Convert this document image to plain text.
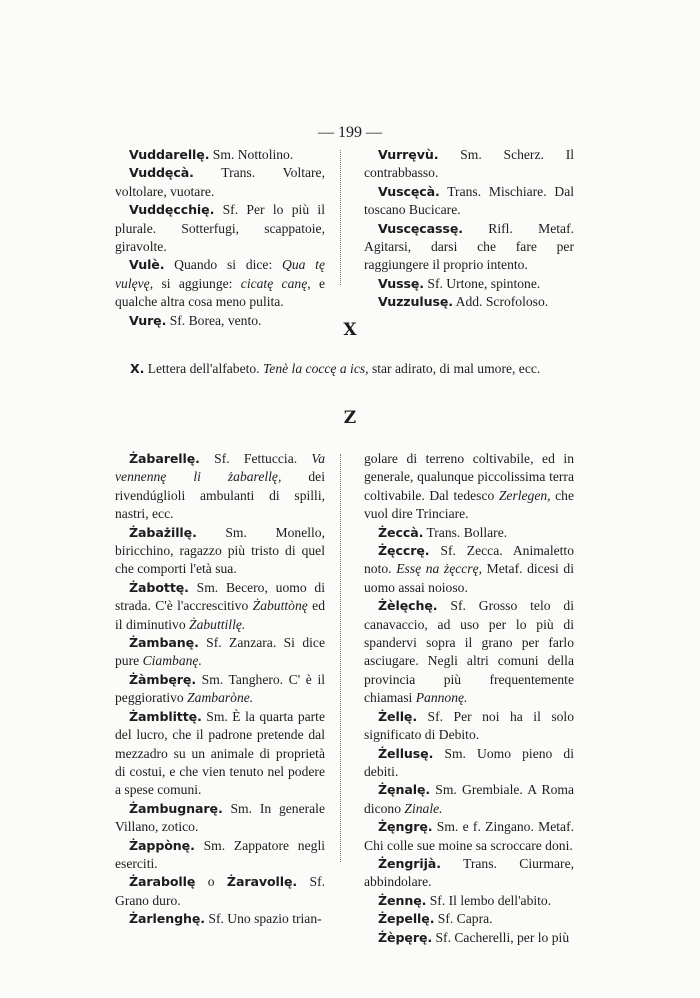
— 199 —

Vuddarellę. Sm. Nottolino.

Vuddęcà. Trans. Voltare, voltolare, vuotare.

Vuddęcchię. Sf. Per lo più il plurale. Sotterfugi, scappatoie, giravolte.

Vulè. Quando si dice: Qua tę vulęvę, si aggiunge: cicatę canę, e qualche altra cosa meno pulita.

Vurę. Sf. Borea, vento.

Vurręvù. Sm. Scherz. Il contrabbasso.

Vuscęcà. Trans. Mischiare. Dal toscano Bucicare.

Vuscęcassę. Rifl. Metaf. Agitarsi, darsi che fare per raggiungere il proprio intento.

Vussę. Sf. Urtone, spintone.

Vuzzulusę. Add. Scrofoloso.

X
X. Lettera dell'alfabeto. Tenè la coccę a ics, star adirato, di mal umore, ecc.
Z

Żabarellę. Sf. Fettuccia. Va vennennę li żabarellę, dei rivendúglioli ambulanti di spilli, nastri, ecc.

Żabażillę. Sm. Monello, biricchino, ragazzo più tristo di quel che comporti l'età sua.

Żabottę. Sm. Becero, uomo di strada. C'è l'accrescitivo Żabuttònę ed il diminutivo Żabuttillę.

Żambanę. Sf. Zanzara. Si dice pure Ciambanę.

Żàmbęrę. Sm. Tanghero. C' è il peggiorativo Zambaròne.

Żamblittę. Sm. È la quarta parte del lucro, che il padrone pretende dal mezzadro su un animale di proprietà di costui, e che vien tenuto nel podere a spese comuni.

Żambugnarę. Sm. In generale Villano, zotico.

Żappònę. Sm. Zappatore negli eserciti.

Żarabollę o Żaravollę. Sf. Grano duro.

Żarlenghę. Sf. Uno spazio trian-

golare di terreno coltivabile, ed in generale, qualunque piccolissima terra coltivabile. Dal tedesco Zerlegen, che vuol dire Trinciare.

Żeccà. Trans. Bollare.

Żęccrę. Sf. Zecca. Animaletto noto. Essę na żęccrę, Metaf. dicesi di uomo assai noioso.

Żèlęchę. Sf. Grosso telo di canavaccio, ad uso per lo più di spandervi sopra il grano per farlo asciugare. Negli altri comuni della provincia più frequentemente chiamasi Pannonę.

Żellę. Sf. Per noi ha il solo significato di Debito.

Żellusę. Sm. Uomo pieno di debiti.

Żęnalę. Sm. Grembiale. A Roma dicono Zinale.

Żęngrę. Sm. e f. Zingano. Metaf. Chi colle sue moine sa scroccare doni.

Żengrijà. Trans. Ciurmare, abbindolare.

Żennę. Sf. Il lembo dell'abito.

Żepellę. Sf. Capra.

Żèpęrę. Sf. Cacherelli, per lo più
